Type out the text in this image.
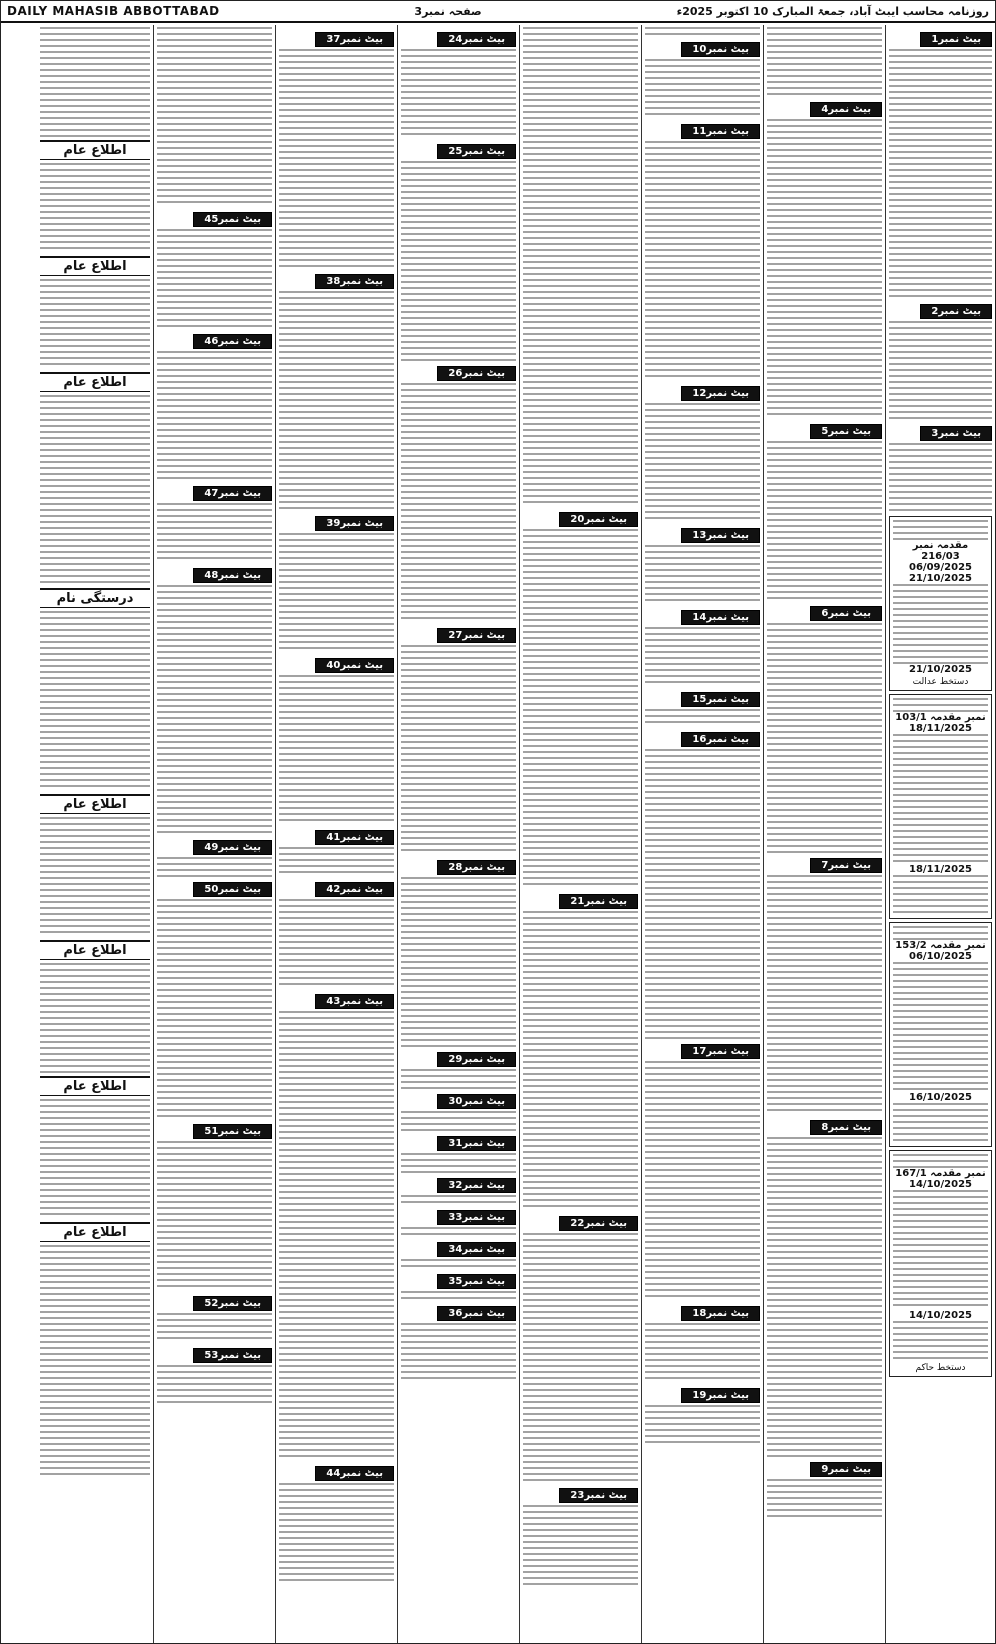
DAILY MAHASIB ABBOTTABAD	صفحہ نمبر3	روزنامہ محاسب ایبٹ آباد، جمعۃ المبارک 10 اکتوبر 2025ء
بیٹ نمبر1
بیٹ نمبر2
بیٹ نمبر3
مقدمہ نمبر 216/03
06/09/2025
21/10/2025
21/10/2025
دستخط عدالت
نمبر مقدمہ 103/1
18/11/2025
18/11/2025
نمبر مقدمہ 153/2
06/10/2025
16/10/2025
نمبر مقدمہ 167/1
14/10/2025
14/10/2025
دستخط حاکم
بیٹ نمبر4
بیٹ نمبر5
بیٹ نمبر6
بیٹ نمبر7
بیٹ نمبر8
بیٹ نمبر9
بیٹ نمبر10
بیٹ نمبر11
بیٹ نمبر12
بیٹ نمبر13
بیٹ نمبر14
بیٹ نمبر15
بیٹ نمبر16
بیٹ نمبر17
بیٹ نمبر18
بیٹ نمبر19
بیٹ نمبر20
بیٹ نمبر21
بیٹ نمبر22
بیٹ نمبر23
بیٹ نمبر24
بیٹ نمبر25
بیٹ نمبر26
بیٹ نمبر27
بیٹ نمبر28
بیٹ نمبر29
بیٹ نمبر30
بیٹ نمبر31
بیٹ نمبر32
بیٹ نمبر33
بیٹ نمبر34
بیٹ نمبر35
بیٹ نمبر36
بیٹ نمبر37
بیٹ نمبر38
بیٹ نمبر39
بیٹ نمبر40
بیٹ نمبر41
بیٹ نمبر42
بیٹ نمبر43
بیٹ نمبر44
بیٹ نمبر45
بیٹ نمبر46
بیٹ نمبر47
بیٹ نمبر48
بیٹ نمبر49
بیٹ نمبر50
بیٹ نمبر51
بیٹ نمبر52
بیٹ نمبر53
اطلاع عام
اطلاع عام
اطلاع عام
درستگی نام
اطلاع عام
اطلاع عام
اطلاع عام
اطلاع عام
